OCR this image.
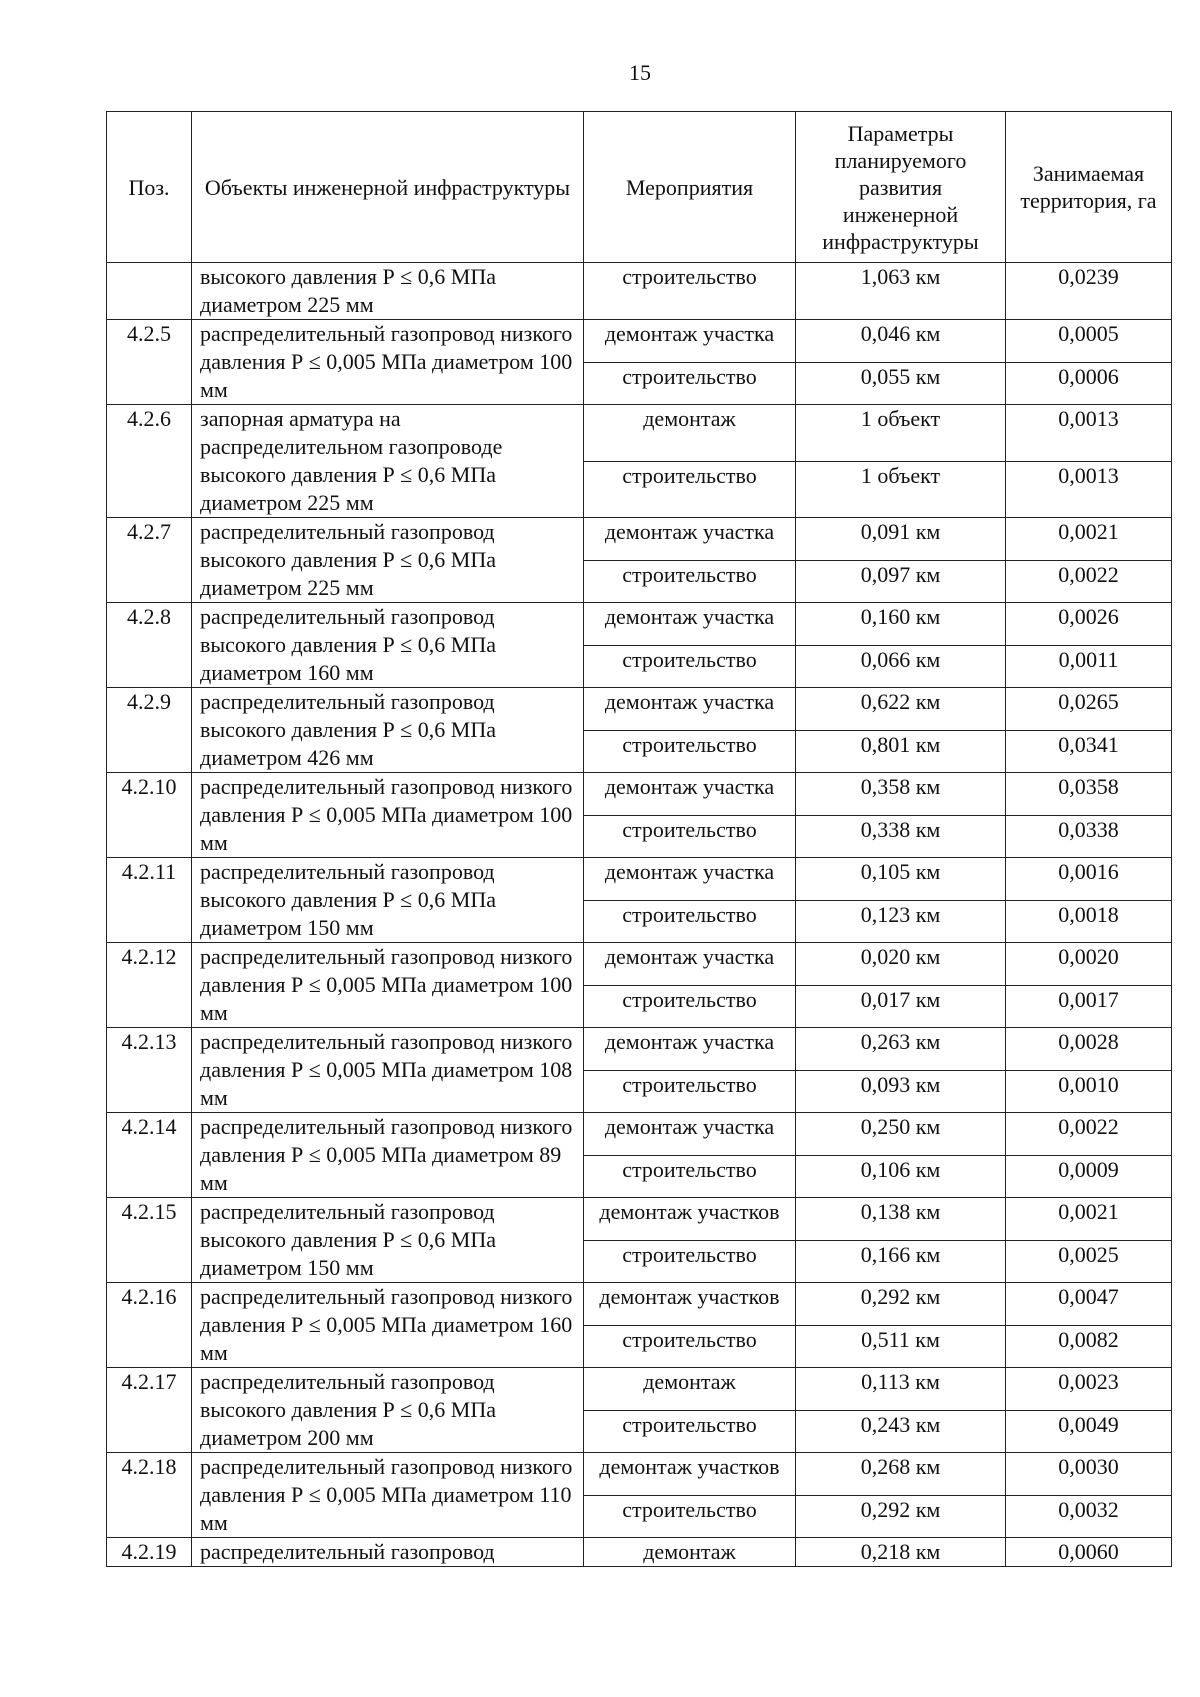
15
Поз.	Объекты инженерной инфраструктуры	Мероприятия	Параметры планируемого развития инженерной инфраструктуры	Занимаемая территория, га
	высокого давления Р ≤ 0,6 МПа диаметром 225 мм	строительство	1,063 км	0,0239
4.2.5	распределительный газопровод низкого давления Р ≤ 0,005 МПа диаметром 100 мм	демонтаж участка	0,046 км	0,0005
		строительство	0,055 км	0,0006
4.2.6	запорная арматура на распределительном газопроводе высокого давления Р ≤ 0,6 МПа диаметром 225 мм	демонтаж	1 объект	0,0013
		строительство	1 объект	0,0013
4.2.7	распределительный газопровод высокого давления Р ≤ 0,6 МПа диаметром 225 мм	демонтаж участка	0,091 км	0,0021
		строительство	0,097 км	0,0022
4.2.8	распределительный газопровод высокого давления Р ≤ 0,6 МПа диаметром 160 мм	демонтаж участка	0,160 км	0,0026
		строительство	0,066 км	0,0011
4.2.9	распределительный газопровод высокого давления Р ≤ 0,6 МПа диаметром 426 мм	демонтаж участка	0,622 км	0,0265
		строительство	0,801 км	0,0341
4.2.10	распределительный газопровод низкого давления Р ≤ 0,005 МПа диаметром 100 мм	демонтаж участка	0,358 км	0,0358
		строительство	0,338 км	0,0338
4.2.11	распределительный газопровод высокого давления Р ≤ 0,6 МПа диаметром 150 мм	демонтаж участка	0,105 км	0,0016
		строительство	0,123 км	0,0018
4.2.12	распределительный газопровод низкого давления Р ≤ 0,005 МПа диаметром 100 мм	демонтаж участка	0,020 км	0,0020
		строительство	0,017 км	0,0017
4.2.13	распределительный газопровод низкого давления Р ≤ 0,005 МПа диаметром 108 мм	демонтаж участка	0,263 км	0,0028
		строительство	0,093 км	0,0010
4.2.14	распределительный газопровод низкого давления Р ≤ 0,005 МПа диаметром 89 мм	демонтаж участка	0,250 км	0,0022
		строительство	0,106 км	0,0009
4.2.15	распределительный газопровод высокого давления Р ≤ 0,6 МПа диаметром 150 мм	демонтаж участков	0,138 км	0,0021
		строительство	0,166 км	0,0025
4.2.16	распределительный газопровод низкого давления Р ≤ 0,005 МПа диаметром 160 мм	демонтаж участков	0,292 км	0,0047
		строительство	0,511 км	0,0082
4.2.17	распределительный газопровод высокого давления Р ≤ 0,6 МПа диаметром 200 мм	демонтаж	0,113 км	0,0023
		строительство	0,243 км	0,0049
4.2.18	распределительный газопровод низкого давления Р ≤ 0,005 МПа диаметром 110 мм	демонтаж участков	0,268 км	0,0030
		строительство	0,292 км	0,0032
4.2.19	распределительный газопровод	демонтаж	0,218 км	0,0060
